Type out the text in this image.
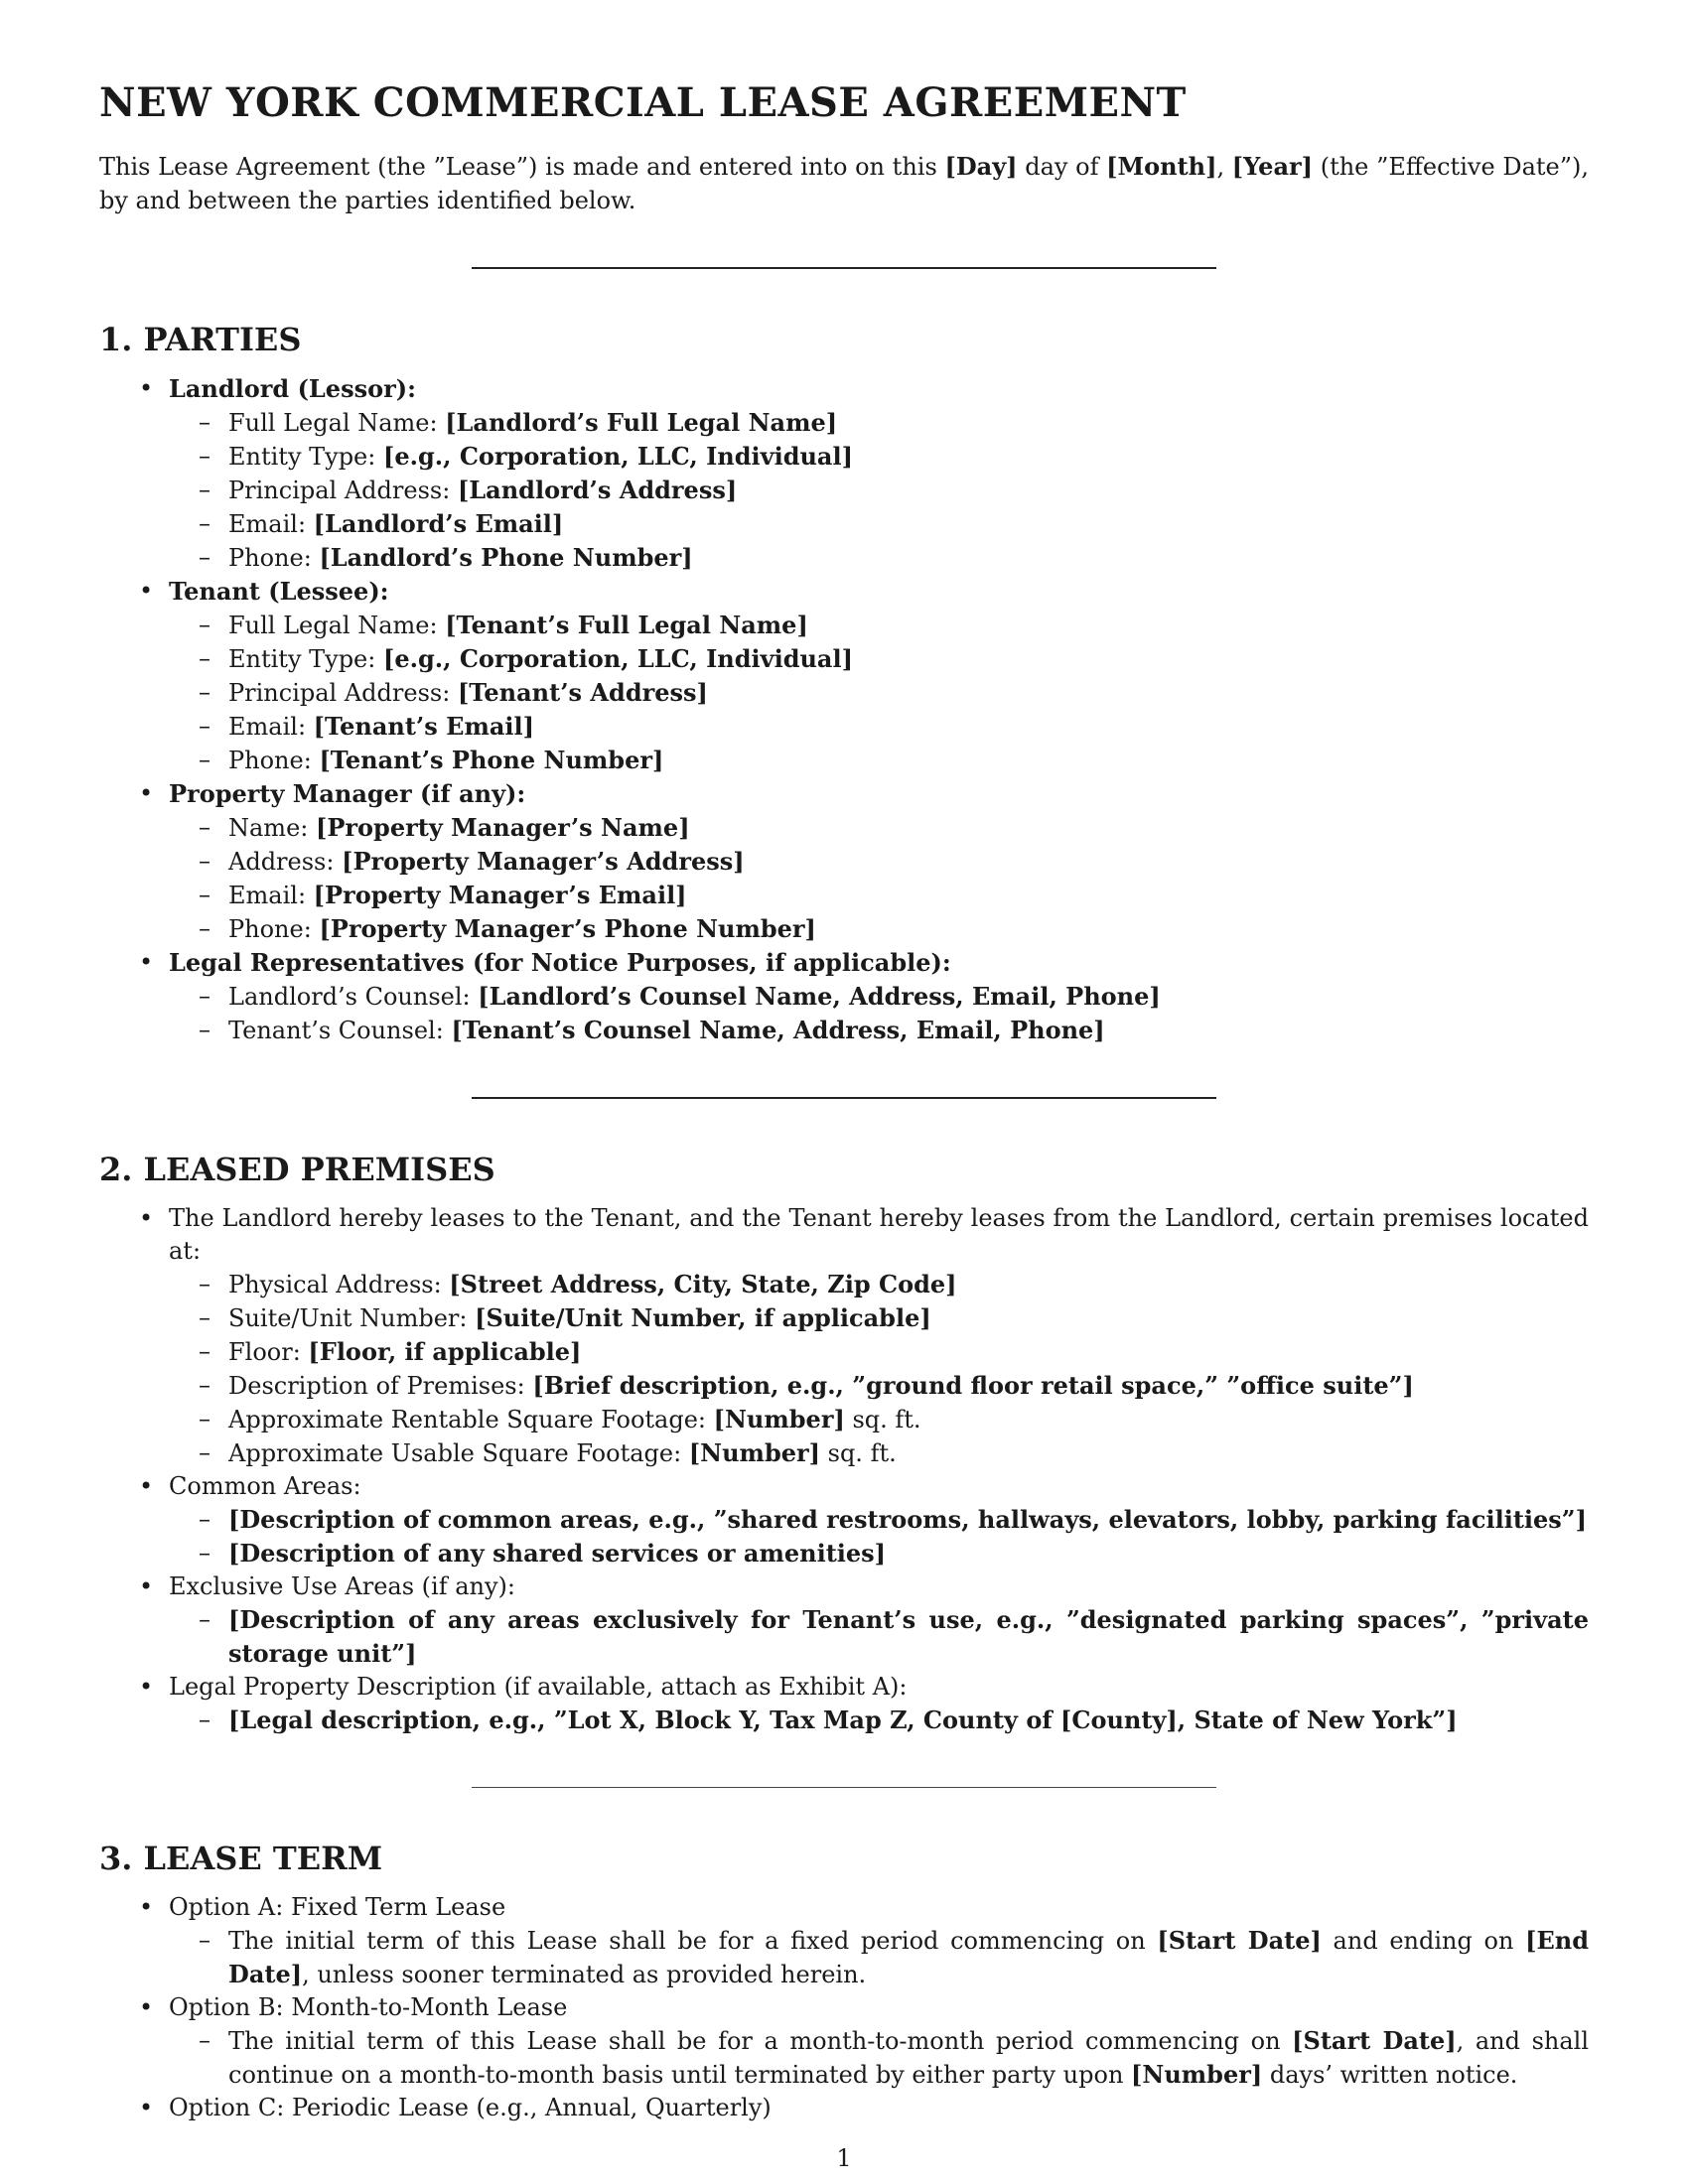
NEW YORK COMMERCIAL LEASE AGREEMENT

This Lease Agreement (the ”Lease”) is made and entered into on this [Day] day of [Month], [Year] (the ”Effective Date”), by and between the parties identified below.

1. PARTIES
• Landlord (Lessor):
– Full Legal Name: [Landlord’s Full Legal Name]
– Entity Type: [e.g., Corporation, LLC, Individual]
– Principal Address: [Landlord’s Address]
– Email: [Landlord’s Email]
– Phone: [Landlord’s Phone Number]
• Tenant (Lessee):
– Full Legal Name: [Tenant’s Full Legal Name]
– Entity Type: [e.g., Corporation, LLC, Individual]
– Principal Address: [Tenant’s Address]
– Email: [Tenant’s Email]
– Phone: [Tenant’s Phone Number]
• Property Manager (if any):
– Name: [Property Manager’s Name]
– Address: [Property Manager’s Address]
– Email: [Property Manager’s Email]
– Phone: [Property Manager’s Phone Number]
• Legal Representatives (for Notice Purposes, if applicable):
– Landlord’s Counsel: [Landlord’s Counsel Name, Address, Email, Phone]
– Tenant’s Counsel: [Tenant’s Counsel Name, Address, Email, Phone]
2. LEASED PREMISES
• The Landlord hereby leases to the Tenant, and the Tenant hereby leases from the Landlord, certain premises located at:
– Physical Address: [Street Address, City, State, Zip Code]
– Suite/Unit Number: [Suite/Unit Number, if applicable]
– Floor: [Floor, if applicable]
– Description of Premises: [Brief description, e.g., ”ground floor retail space,” ”office suite”]
– Approximate Rentable Square Footage: [Number] sq. ft.
– Approximate Usable Square Footage: [Number] sq. ft.
• Common Areas:
– [Description of common areas, e.g., ”shared restrooms, hallways, elevators, lobby, parking facilities”]
– [Description of any shared services or amenities]
• Exclusive Use Areas (if any):
– [Description of any areas exclusively for Tenant’s use, e.g., ”designated parking spaces”, ”private storage unit”]
• Legal Property Description (if available, attach as Exhibit A):
– [Legal description, e.g., ”Lot X, Block Y, Tax Map Z, County of [County], State of New York”]
3. LEASE TERM
• Option A: Fixed Term Lease
– The initial term of this Lease shall be for a fixed period commencing on [Start Date] and ending on [End Date], unless sooner terminated as provided herein.
• Option B: Month-to-Month Lease
– The initial term of this Lease shall be for a month-to-month period commencing on [Start Date], and shall continue on a month-to-month basis until terminated by either party upon [Number] days’ written notice.
• Option C: Periodic Lease (e.g., Annual, Quarterly)
1
